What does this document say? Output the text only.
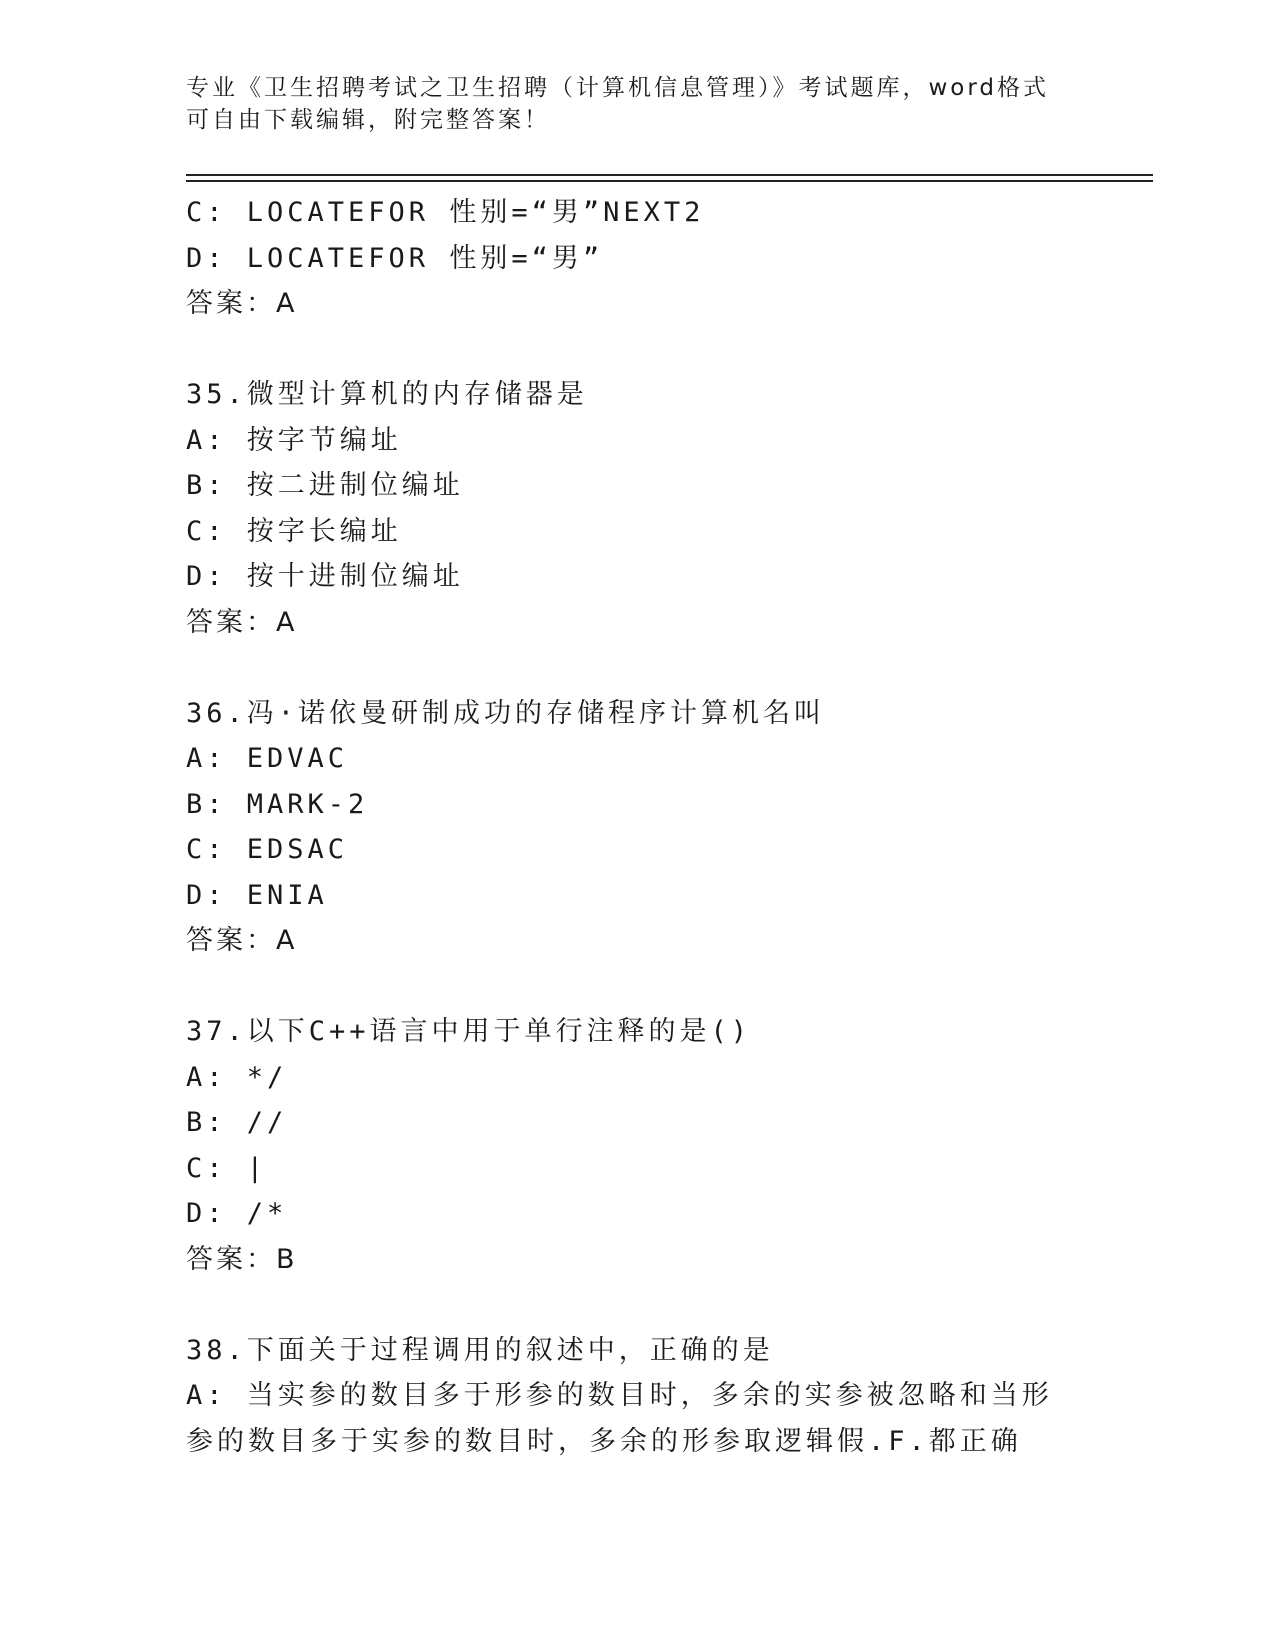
专业《卫生招聘考试之卫生招聘（计算机信息管理）》考试题库，word格式可自由下载编辑，附完整答案！
C: LOCATEFOR 性别=“男”NEXT2
D: LOCATEFOR 性别=“男”
答案：A
35.微型计算机的内存储器是
A: 按字节编址
B: 按二进制位编址
C: 按字长编址
D: 按十进制位编址
答案：A
36.冯·诺依曼研制成功的存储程序计算机名叫
A: EDVAC
B: MARK-2
C: EDSAC
D: ENIA
答案：A
37.以下C++语言中用于单行注释的是()
A: */
B: //
C: |
D: /*
答案：B
38.下面关于过程调用的叙述中，正确的是
A: 当实参的数目多于形参的数目时，多余的实参被忽略和当形参的数目多于实参的数目时，多余的形参取逻辑假.F.都正确
